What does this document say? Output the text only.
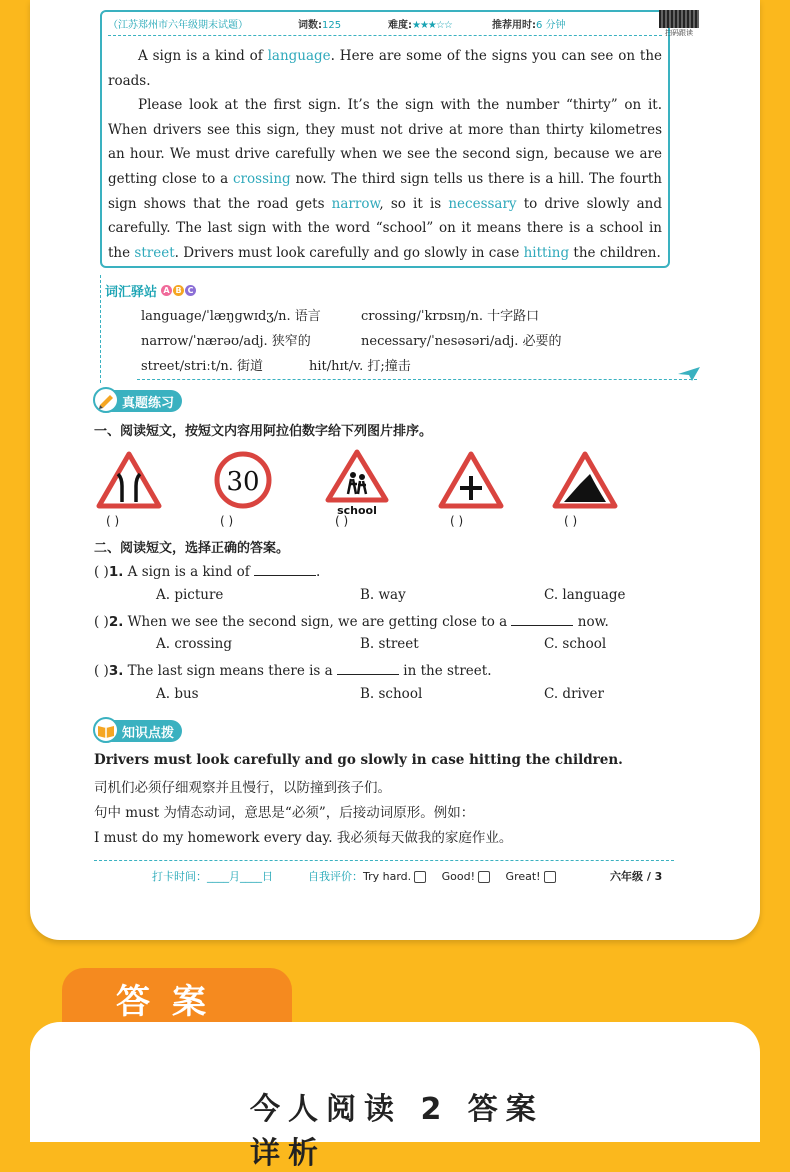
（江苏郑州市六年级期末试题）	词数:125	难度:★★★☆☆	推荐用时:6 分钟
扫码跟读

A sign is a kind of language. Here are some of the signs you can see on the roads.

Please look at the first sign. It’s the sign with the number “thirty” on it. When drivers see this sign, they must not drive at more than thirty kilometres an hour. We must drive carefully when we see the second sign, because we are getting close to a crossing now. The third sign tells us there is a hill. The fourth sign shows that the road gets narrow, so it is necessary to drive slowly and carefully. The last sign with the word “school” on it means there is a school in the street. Drivers must look carefully and go slowly in case hitting the children.

词汇驿站 A B C
language/ˈlæŋɡwɪdʒ/n. 语言	crossing/ˈkrɒsɪŋ/n. 十字路口
narrow/ˈnærəʊ/adj. 狭窄的	necessary/ˈnesəsəri/adj. 必要的
street/striːt/n. 街道	hit/hɪt/v. 打;撞击
真题练习
一、阅读短文，按短文内容用阿拉伯数字给下列图片排序。
30
school
( )	( )	( )	( )	( )
二、阅读短文，选择正确的答案。
( )1. A sign is a kind of	.
A. picture	B. way	C. language
( )2. When we see the second sign, we are getting close to a	now.
A. crossing	B. street	C. school
( )3. The last sign means there is a	in the street.
A. bus	B. school	C. driver
知识点拨
Drivers must look carefully and go slowly in case hitting the children.
司机们必须仔细观察并且慢行，以防撞到孩子们。
句中 must 为情态动词，意思是“必须”，后接动词原形。例如：
I must do my homework every day. 我必须每天做我的家庭作业。
打卡时间：____月____日	自我评价：Try hard.	Good!	Great!	六年级 / 3
答案
今人阅读 2 答案详析
